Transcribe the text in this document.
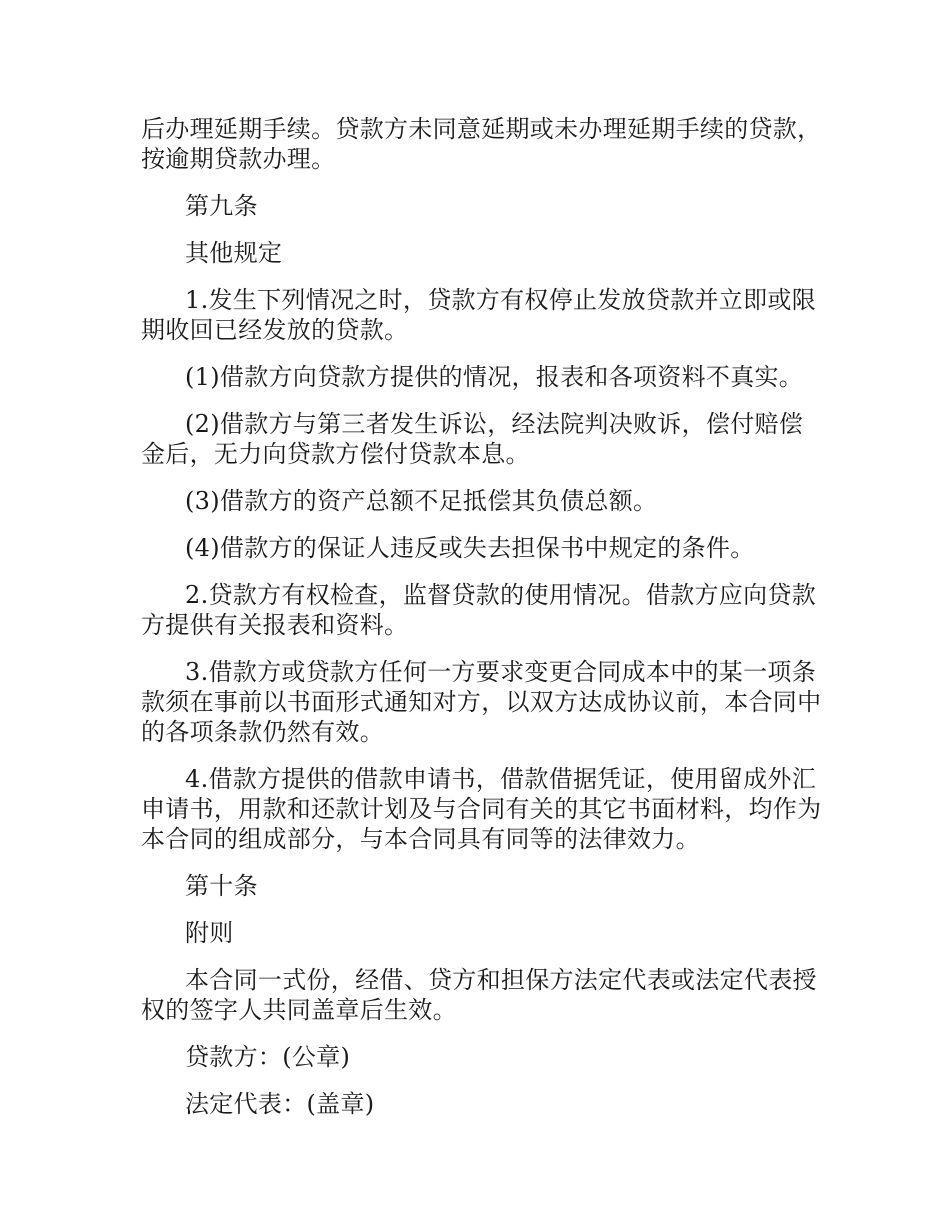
后办理延期手续。贷款方未同意延期或未办理延期手续的贷款，按逾期贷款办理。

第九条

其他规定

1.发生下列情况之时，贷款方有权停止发放贷款并立即或限期收回已经发放的贷款。

(1)借款方向贷款方提供的情况，报表和各项资料不真实。

(2)借款方与第三者发生诉讼，经法院判决败诉，偿付赔偿金后，无力向贷款方偿付贷款本息。

(3)借款方的资产总额不足抵偿其负债总额。

(4)借款方的保证人违反或失去担保书中规定的条件。

2.贷款方有权检查，监督贷款的使用情况。借款方应向贷款方提供有关报表和资料。

3.借款方或贷款方任何一方要求变更合同成本中的某一项条款须在事前以书面形式通知对方，以双方达成协议前，本合同中的各项条款仍然有效。

4.借款方提供的借款申请书，借款借据凭证，使用留成外汇申请书，用款和还款计划及与合同有关的其它书面材料，均作为本合同的组成部分，与本合同具有同等的法律效力。

第十条

附则

本合同一式份，经借、贷方和担保方法定代表或法定代表授权的签字人共同盖章后生效。

贷款方：(公章)

法定代表：(盖章)
